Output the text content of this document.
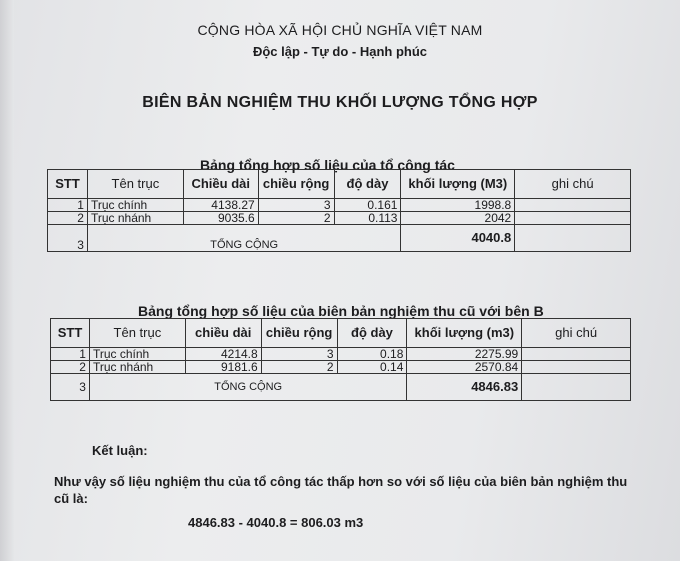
CỘNG HÒA XÃ HỘI CHỦ NGHĨA VIỆT NAM
Độc lập - Tự do - Hạnh phúc
BIÊN BẢN NGHIỆM THU KHỐI LƯỢNG TỔNG HỢP
Bảng tổng hợp số liệu của tổ công tác
STT	Tên trục	Chiều dài	chiều rộng	độ dày	khối lượng (M3)	ghi chú
1	Trục chính	4138.27	3	0.161	1998.8	
2	Trục nhánh	9035.6	2	0.113	2042	
3	TỔNG CỘNG				4040.8	
Bảng tổng hợp số liệu của biên bản nghiệm thu cũ với bên B
STT	Tên trục	chiều dài	chiều rộng	độ dày	khối lượng (m3)	ghi chú
1	Trục chính	4214.8	3	0.18	2275.99	
2	Trục nhánh	9181.6	2	0.14	2570.84	
3	TỔNG CỘNG				4846.83	
Kết luận:
Như vậy số liệu nghiệm thu của tổ công tác thấp hơn so với số liệu của biên bản nghiệm thu
cũ là:
4846.83 - 4040.8 = 806.03 m3
